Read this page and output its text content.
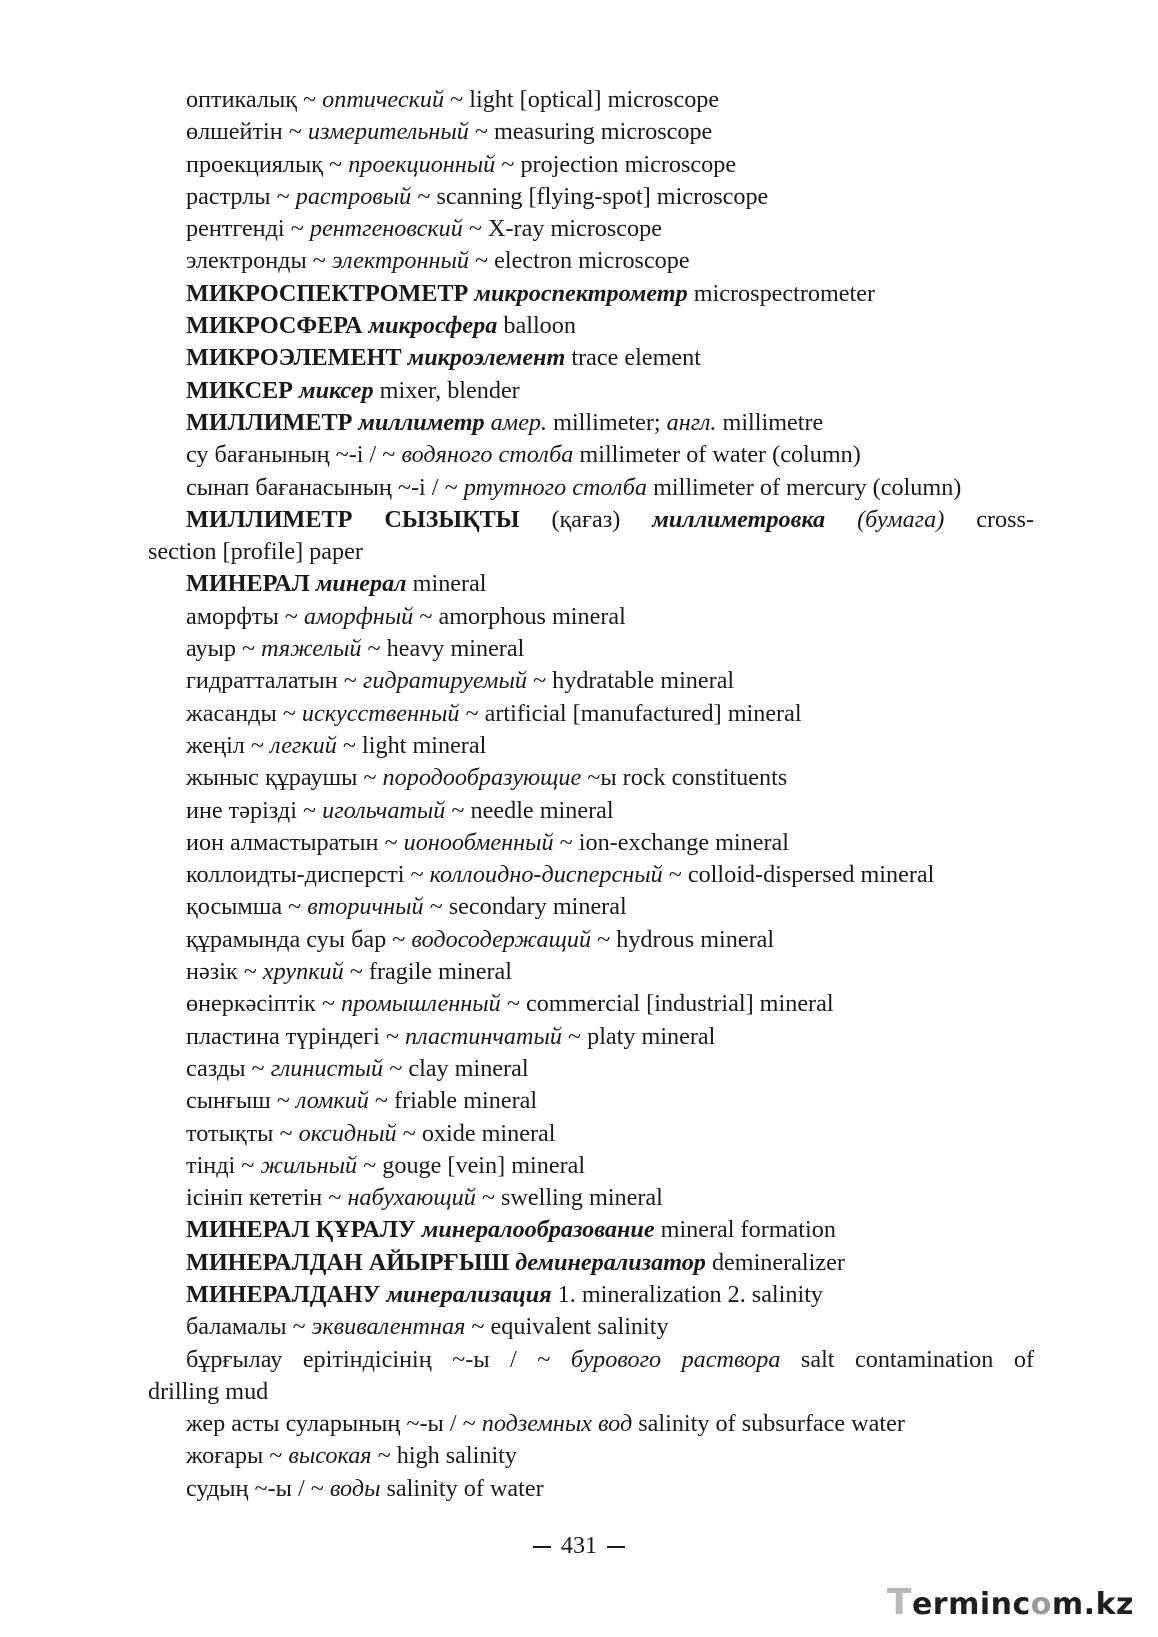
оптикалық ~ оптический ~ light [optical] microscope
өлшейтін ~ измерительный ~ measuring microscope
проекциялық ~ проекционный ~ projection microscope
растрлы ~ растровый ~ scanning [flying-spot] microscope
рентгенді ~ рентгеновский ~ X-ray microscope
электронды ~ электронный ~ electron microscope
МИКРОСПЕКТРОМЕТР микроспектрометр microspectrometer
МИКРОСФЕРА микросфера balloon
МИКРОЭЛЕМЕНТ микроэлемент trace element
МИКСЕР миксер mixer, blender
МИЛЛИМЕТР миллиметр амер. millimeter; англ. millimetre
су бағанының ~-і / ~ водяного столба millimeter of water (column)
сынап бағанасының ~-і / ~ ртутного столба millimeter of mercury (column)
МИЛЛИМЕТР СЫЗЫҚТЫ (қағаз) миллиметровка (бумага) cross-
section [profile] paper
МИНЕРАЛ минерал mineral
аморфты ~ аморфный ~ amorphous mineral
ауыр ~ тяжелый ~ heavy mineral
гидратталатын ~ гидратируемый ~ hydratable mineral
жасанды ~ искусственный ~ artificial [manufactured] mineral
жеңіл ~ легкий ~ light mineral
жыныс құраушы ~ породообразующие ~ы rock constituents
ине тәрізді ~ игольчатый ~ needle mineral
ион алмастыратын ~ ионообменный ~ ion-exchange mineral
коллоидты-дисперсті ~ коллоидно-дисперсный ~ colloid-dispersed mineral
қосымша ~ вторичный ~ secondary mineral
құрамында суы бар ~ водосодержащий ~ hydrous mineral
нәзік ~ хрупкий ~ fragile mineral
өнеркәсіптік ~ промышленный ~ commercial [industrial] mineral
пластина түріндегі ~ пластинчатый ~ platy mineral
сазды ~ глинистый ~ clay mineral
сынғыш ~ ломкий ~ friable mineral
тотықты ~ оксидный ~ oxide mineral
тінді ~ жильный ~ gouge [vein] mineral
ісініп кететін ~ набухающий ~ swelling mineral
МИНЕРАЛ ҚҰРАЛУ минералообразование mineral formation
МИНЕРАЛДАН АЙЫРҒЫШ деминерализатор demineralizer
МИНЕРАЛДАНУ минерализация 1. mineralization 2. salinity
баламалы ~ эквивалентная ~ equivalent salinity
бұрғылау ерітіндісінің ~-ы / ~ бурового раствора salt contamination of
drilling mud
жер асты суларының ~-ы / ~ подземных вод salinity of subsurface water
жоғары ~ высокая ~ high salinity
судың ~-ы / ~ воды salinity of water
431
Termincom.kz
